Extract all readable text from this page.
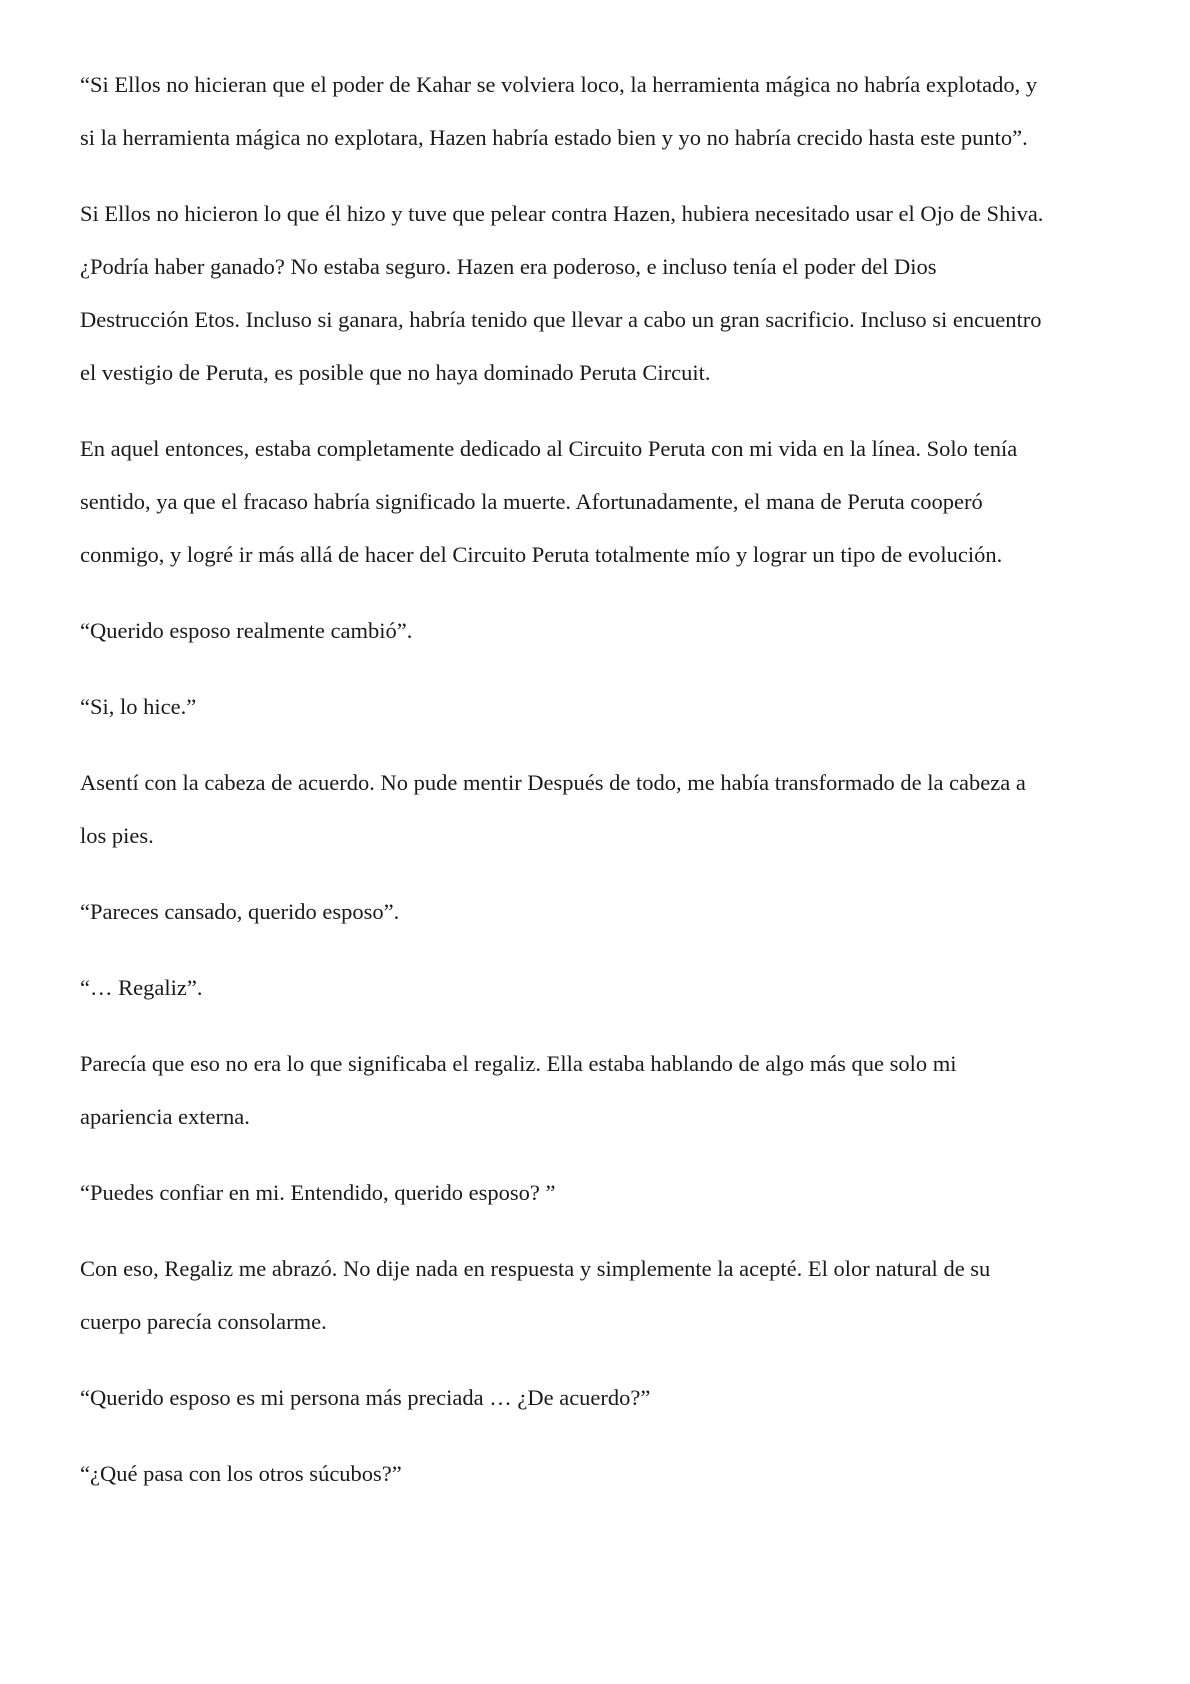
“Si Ellos no hicieran que el poder de Kahar se volviera loco, la herramienta mágica no habría explotado, y
si la herramienta mágica no explotara, Hazen habría estado bien y yo no habría crecido hasta este punto”.

Si Ellos no hicieron lo que él hizo y tuve que pelear contra Hazen, hubiera necesitado usar el Ojo de Shiva.
¿Podría haber ganado? No estaba seguro. Hazen era poderoso, e incluso tenía el poder del Dios
Destrucción Etos. Incluso si ganara, habría tenido que llevar a cabo un gran sacrificio. Incluso si encuentro
el vestigio de Peruta, es posible que no haya dominado Peruta Circuit.

En aquel entonces, estaba completamente dedicado al Circuito Peruta con mi vida en la línea. Solo tenía
sentido, ya que el fracaso habría significado la muerte. Afortunadamente, el mana de Peruta cooperó
conmigo, y logré ir más allá de hacer del Circuito Peruta totalmente mío y lograr un tipo de evolución.

“Querido esposo realmente cambió”.

“Si, lo hice.”

Asentí con la cabeza de acuerdo. No pude mentir Después de todo, me había transformado de la cabeza a
los pies.

“Pareces cansado, querido esposo”.

“… Regaliz”.

Parecía que eso no era lo que significaba el regaliz. Ella estaba hablando de algo más que solo mi
apariencia externa.

“Puedes confiar en mi. Entendido, querido esposo? ”

Con eso, Regaliz me abrazó. No dije nada en respuesta y simplemente la acepté. El olor natural de su
cuerpo parecía consolarme.

“Querido esposo es mi persona más preciada … ¿De acuerdo?”

“¿Qué pasa con los otros súcubos?”
